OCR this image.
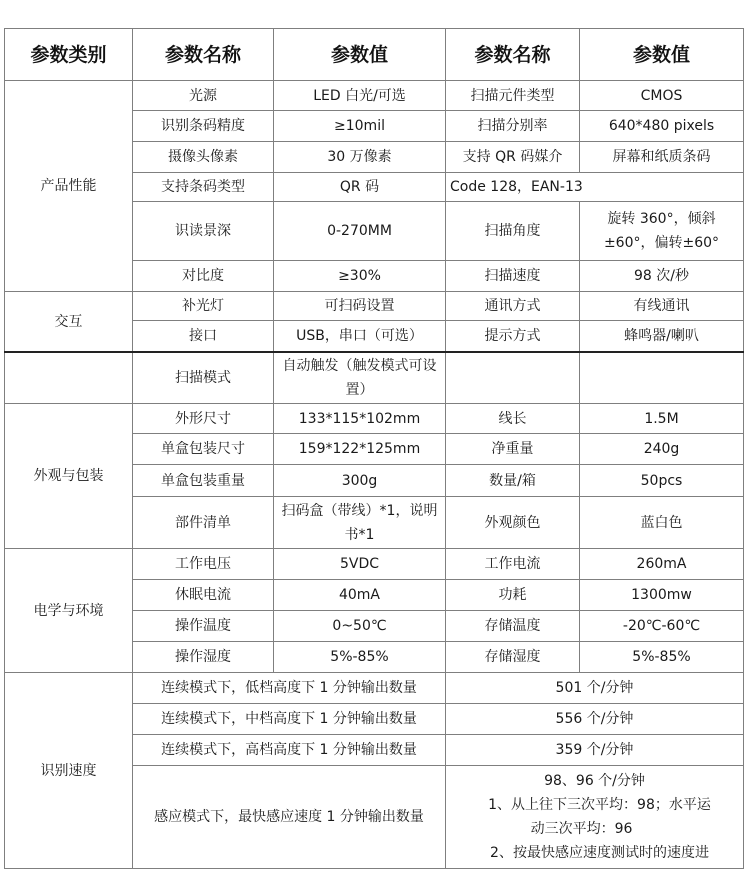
参数类别	参数名称	参数值	参数名称	参数值
产品性能	光源	LED 白光/可选	扫描元件类型	CMOS
	识别条码精度	≥10mil	扫描分别率	640*480 pixels
	摄像头像素	30 万像素	支持 QR 码媒介	屏幕和纸质条码
	支持条码类型	QR 码	Code 128，EAN-13	
	识读景深	0-270MM	扫描角度	旋转 360°，倾斜±60°，偏转±60°
	对比度	≥30%	扫描速度	98 次/秒
交互	补光灯	可扫码设置	通讯方式	有线通讯
	接口	USB，串口（可选）	提示方式	蜂鸣器/喇叭
	扫描模式	自动触发（触发模式可设置）		
外观与包装	外形尺寸	133*115*102mm	线长	1.5M
	单盒包装尺寸	159*122*125mm	净重量	240g
	单盒包装重量	300g	数量/箱	50pcs
	部件清单	扫码盒（带线）*1，说明书*1	外观颜色	蓝白色
电学与环境	工作电压	5VDC	工作电流	260mA
	休眠电流	40mA	功耗	1300mw
	操作温度	0~50℃	存储温度	-20℃-60℃
	操作湿度	5%-85%	存储湿度	5%-85%
识别速度	连续模式下，低档高度下 1 分钟输出数量		501 个/分钟	
	连续模式下，中档高度下 1 分钟输出数量		556 个/分钟	
	连续模式下，高档高度下 1 分钟输出数量		359 个/分钟	
	感应模式下，最快感应速度 1 分钟输出数量		98、96 个/分钟
1、从上往下三次平均：98；水平运
动三次平均：96
2、按最快感应速度测试时的速度进	
